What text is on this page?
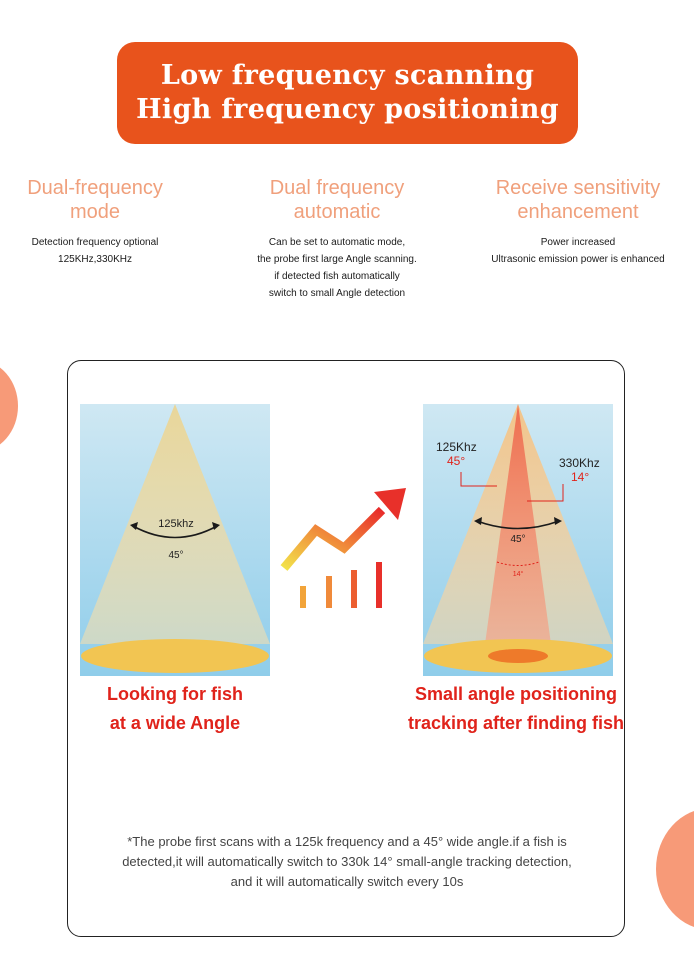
Low frequency scanning
High frequency positioning
Dual-frequency
mode
Detection frequency optional
125KHz,330KHz
Dual frequency
automatic
Can be set to automatic mode,
the probe first large Angle scanning.
if detected fish automatically
switch to small Angle detection
Receive sensitivity
enhancement
Power increased
Ultrasonic emission power is enhanced
125khz
45°
125Khz
45°	330Khz
14°
45°
14°
Looking for fish
at a wide Angle
Small angle positioning
tracking after finding fish
*The probe first scans with a 125k frequency and a 45° wide angle.if a fish is
detected,it will automatically switch to 330k 14° small-angle tracking detection,
and it will automatically switch every 10s
